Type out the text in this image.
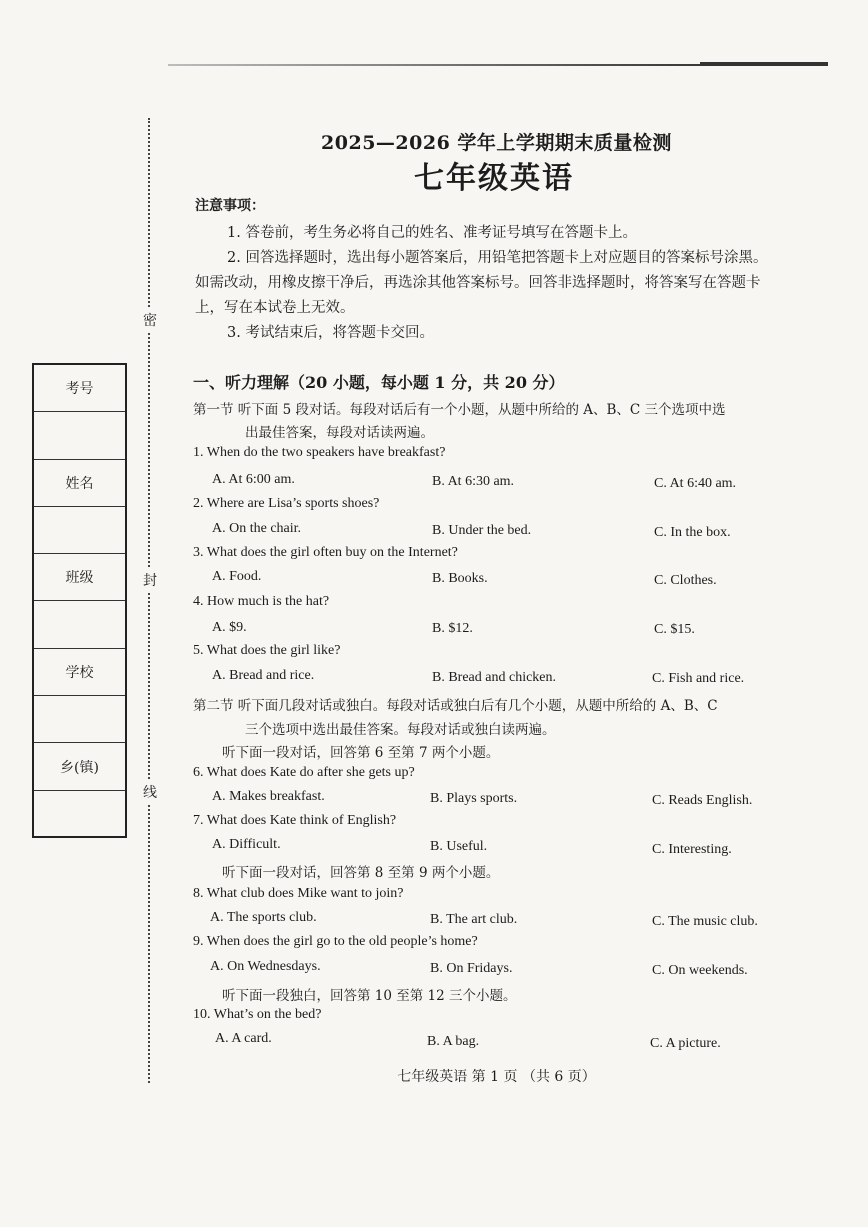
密
封
线
考号
姓名
班级
学校
乡(镇)
2025—2026 学年上学期期末质量检测
七年级英语
注意事项：
1. 答卷前，考生务必将自己的姓名、准考证号填写在答题卡上。
2. 回答选择题时，选出每小题答案后，用铅笔把答题卡上对应题目的答案标号涂黑。
如需改动，用橡皮擦干净后，再选涂其他答案标号。回答非选择题时，将答案写在答题卡
上，写在本试卷上无效。
3. 考试结束后，将答题卡交回。
一、听力理解（20 小题，每小题 1 分，共 20 分）
第一节 听下面 5 段对话。每段对话后有一个小题，从题中所给的 A、B、C 三个选项中选
出最佳答案，每段对话读两遍。
1. When do the two speakers have breakfast?
A. At 6:00 am.	B. At 6:30 am.	C. At 6:40 am.
2. Where are Lisa’s sports shoes?
A. On the chair.	B. Under the bed.	C. In the box.
3. What does the girl often buy on the Internet?
A. Food.	B. Books.	C. Clothes.
4. How much is the hat?
A. $9.	B. $12.	C. $15.
5. What does the girl like?
A. Bread and rice.	B. Bread and chicken.	C. Fish and rice.
第二节 听下面几段对话或独白。每段对话或独白后有几个小题，从题中所给的 A、B、C
三个选项中选出最佳答案。每段对话或独白读两遍。
听下面一段对话，回答第 6 至第 7 两个小题。
6. What does Kate do after she gets up?
A. Makes breakfast.	B. Plays sports.	C. Reads English.
7. What does Kate think of English?
A. Difficult.	B. Useful.	C. Interesting.
听下面一段对话，回答第 8 至第 9 两个小题。
8. What club does Mike want to join?
A. The sports club.	B. The art club.	C. The music club.
9. When does the girl go to the old people’s home?
A. On Wednesdays.	B. On Fridays.	C. On weekends.
听下面一段独白，回答第 10 至第 12 三个小题。
10. What’s on the bed?
A. A card.	B. A bag.	C. A picture.
七年级英语 第 1 页 （共 6 页）
